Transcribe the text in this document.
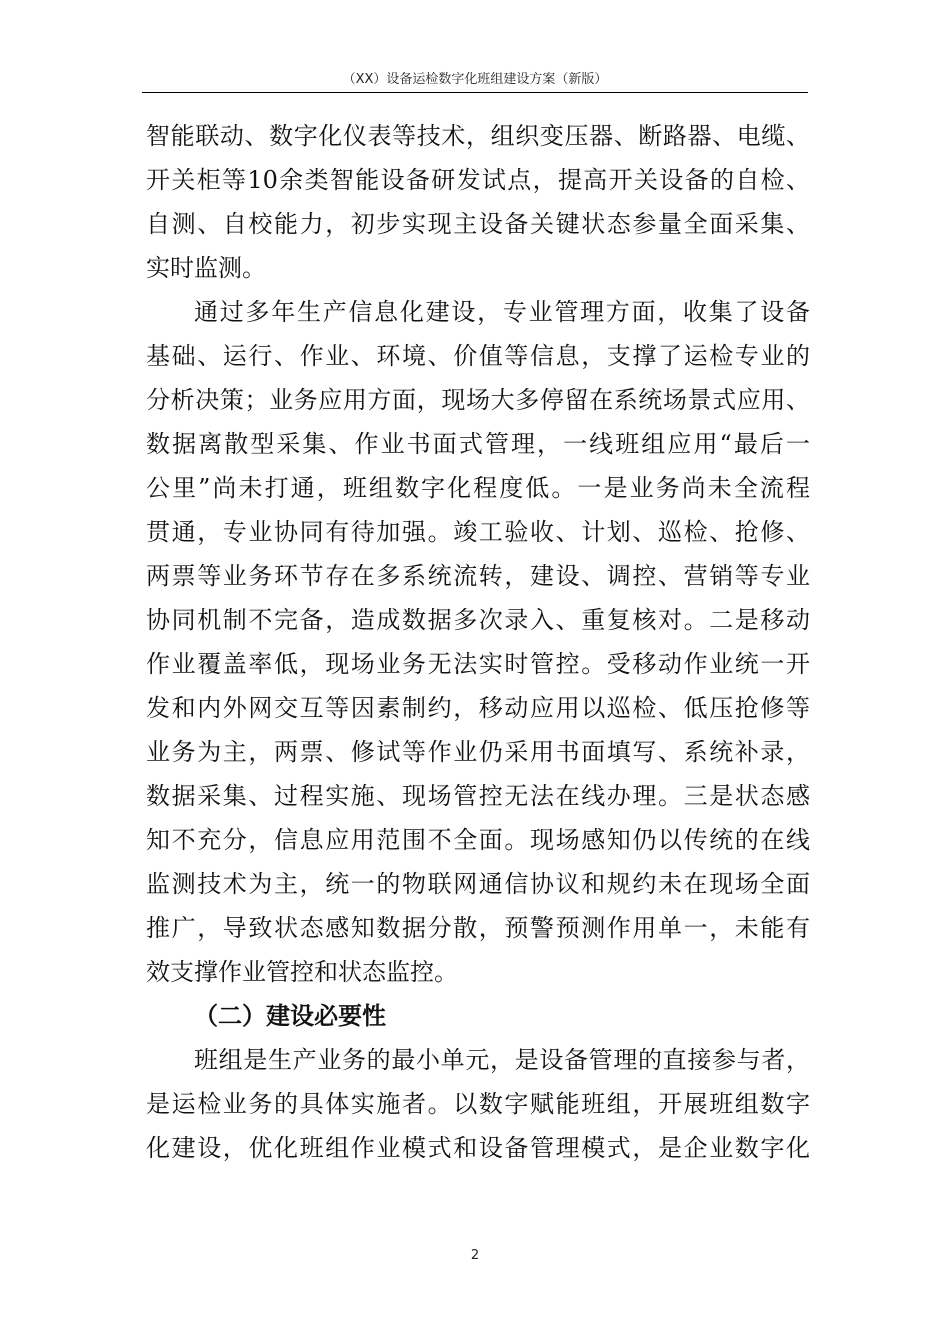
（XX）设备运检数字化班组建设方案（新版）
智能联动、数字化仪表等技术，组织变压器、断路器、电缆、
开关柜等10余类智能设备研发试点，提高开关设备的自检、
自测、自校能力，初步实现主设备关键状态参量全面采集、
实时监测。
通过多年生产信息化建设，专业管理方面，收集了设备
基础、运行、作业、环境、价值等信息，支撑了运检专业的
分析决策；业务应用方面，现场大多停留在系统场景式应用、
数据离散型采集、作业书面式管理，一线班组应用“最后一
公里”尚未打通，班组数字化程度低。一是业务尚未全流程
贯通，专业协同有待加强。竣工验收、计划、巡检、抢修、
两票等业务环节存在多系统流转，建设、调控、营销等专业
协同机制不完备，造成数据多次录入、重复核对。二是移动
作业覆盖率低，现场业务无法实时管控。受移动作业统一开
发和内外网交互等因素制约，移动应用以巡检、低压抢修等
业务为主，两票、修试等作业仍采用书面填写、系统补录，
数据采集、过程实施、现场管控无法在线办理。三是状态感
知不充分，信息应用范围不全面。现场感知仍以传统的在线
监测技术为主，统一的物联网通信协议和规约未在现场全面
推广，导致状态感知数据分散，预警预测作用单一，未能有
效支撑作业管控和状态监控。
（二）建设必要性
班组是生产业务的最小单元，是设备管理的直接参与者，
是运检业务的具体实施者。以数字赋能班组，开展班组数字
化建设，优化班组作业模式和设备管理模式，是企业数字化
2
